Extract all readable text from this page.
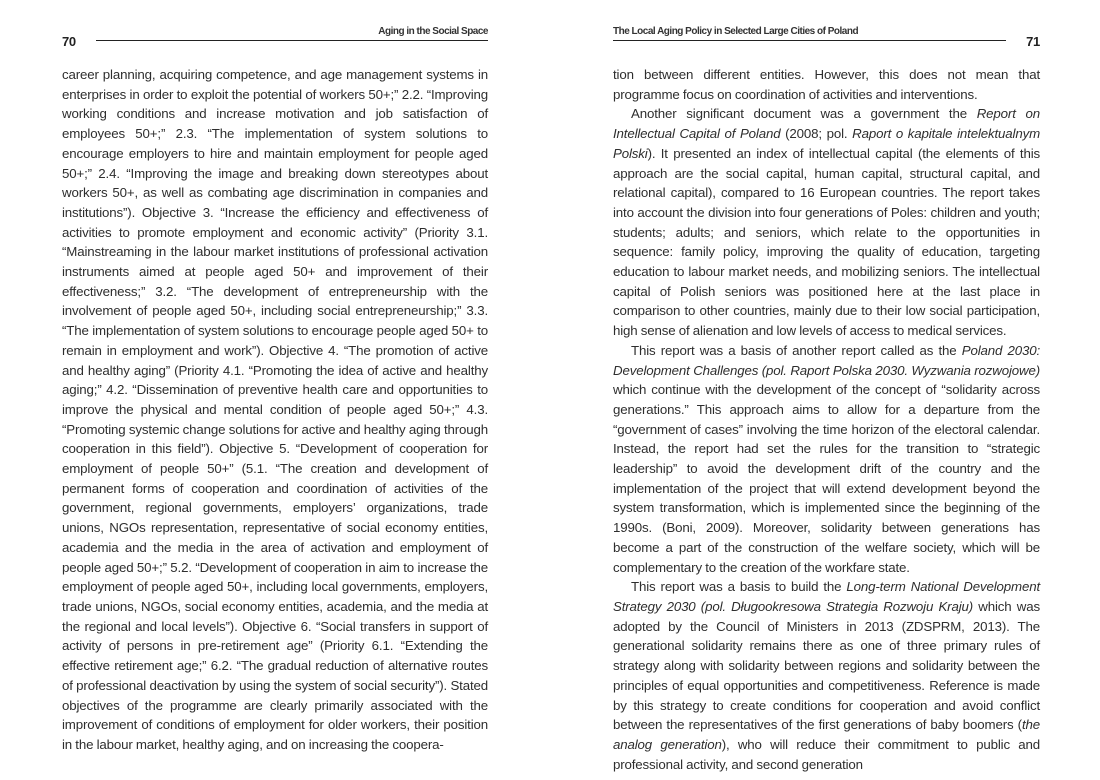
70
Aging in the Social Space

career planning, acquiring competence, and age management systems in enterprises in order to exploit the potential of workers 50+;” 2.2. “Improving working conditions and increase motivation and job satisfaction of employees 50+;” 2.3. “The implementation of system solutions to encourage employers to hire and maintain employment for people aged 50+;” 2.4. “Improving the image and breaking down stereotypes about workers 50+, as well as combating age discrimination in companies and institutions”). Objective 3. “Increase the efficiency and effectiveness of activities to promote employment and economic activity” (Priority 3.1. “Mainstreaming in the labour market institutions of professional activation instruments aimed at people aged 50+ and improvement of their effectiveness;” 3.2. “The development of entrepreneurship with the involvement of people aged 50+, including social entrepreneurship;” 3.3. “The implementation of system solutions to encourage people aged 50+ to remain in employment and work”). Objective 4. “The promotion of active and healthy aging” (Priority 4.1. “Promoting the idea of active and healthy aging;” 4.2. “Dissemination of preventive health care and opportunities to improve the physical and mental condition of people aged 50+;” 4.3. “Promoting systemic change solutions for active and healthy aging through cooperation in this field”). Objective 5. “Development of cooperation for employment of people 50+” (5.1. “The creation and development of permanent forms of cooperation and coordination of activities of the government, regional governments, employers’ organizations, trade unions, NGOs representation, representative of social economy entities, academia and the media in the area of activation and employment of people aged 50+;” 5.2. “Development of cooperation in aim to increase the employment of people aged 50+, including local governments, employers, trade unions, NGOs, social economy entities, academia, and the media at the regional and local levels”). Objective 6. “Social transfers in support of activity of persons in pre-retirement age” (Priority 6.1. “Extending the effective retirement age;” 6.2. “The gradual reduction of alternative routes of professional deactivation by using the system of social security”). Stated objectives of the programme are clearly primarily associated with the improvement of conditions of employment for older workers, their position in the labour market, healthy aging, and on increasing the coopera-

The Local Aging Policy in Selected Large Cities of Poland
71

tion between different entities. However, this does not mean that programme focus on coordination of activities and interventions.

Another significant document was a government the Report on Intellectual Capital of Poland (2008; pol. Raport o kapitale intelektualnym Polski). It presented an index of intellectual capital (the elements of this approach are the social capital, human capital, structural capital, and relational capital), compared to 16 European countries. The report takes into account the division into four generations of Poles: children and youth; students; adults; and seniors, which relate to the opportunities in sequence: family policy, improving the quality of education, targeting education to labour market needs, and mobilizing seniors. The intellectual capital of Polish seniors was positioned here at the last place in comparison to other countries, mainly due to their low social participation, high sense of alienation and low levels of access to medical services.

This report was a basis of another report called as the Poland 2030: Development Challenges (pol. Raport Polska 2030. Wyzwania rozwojowe) which continue with the development of the concept of “solidarity across generations.” This approach aims to allow for a departure from the “government of cases” involving the time horizon of the electoral calendar. Instead, the report had set the rules for the transition to “strategic leadership” to avoid the development drift of the country and the implementation of the project that will extend development beyond the system transformation, which is implemented since the beginning of the 1990s. (Boni, 2009). Moreover, solidarity between generations has become a part of the construction of the welfare society, which will be complementary to the creation of the workfare state.

This report was a basis to build the Long-term National Development Strategy 2030 (pol. Długookresowa Strategia Rozwoju Kraju) which was adopted by the Council of Ministers in 2013 (ZDSPRM, 2013). The generational solidarity remains there as one of three primary rules of strategy along with solidarity between regions and solidarity between the principles of equal opportunities and competitiveness. Reference is made by this strategy to create conditions for cooperation and avoid conflict between the representatives of the first generations of baby boomers (the analog generation), who will reduce their commitment to public and professional activity, and second generation
